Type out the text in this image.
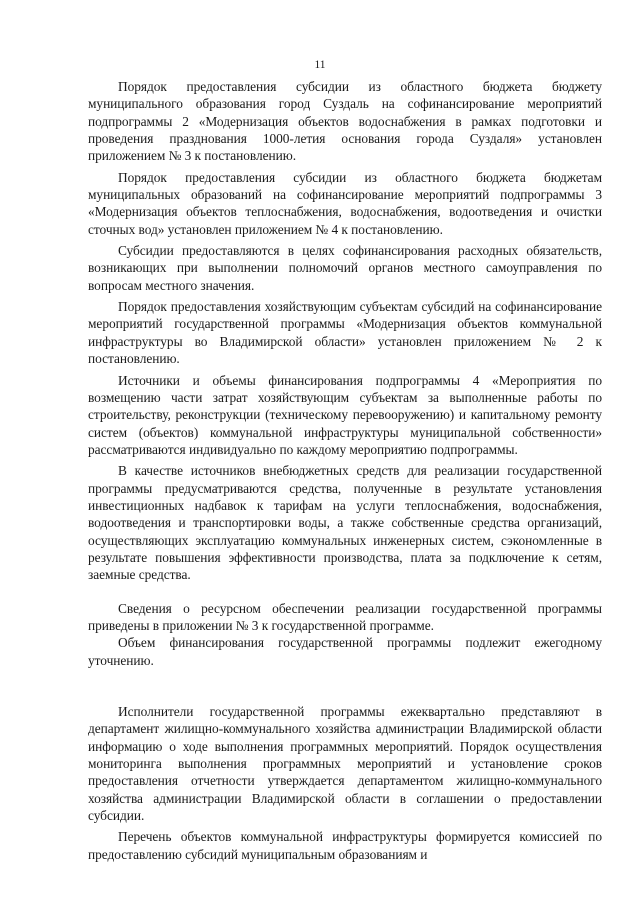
11

Порядок предоставления субсидии из областного бюджета бюджету муниципального образования город Суздаль на софинансирование мероприятий подпрограммы 2 «Модернизация объектов водоснабжения в рамках подготовки и проведения празднования 1000-летия основания города Суздаля» установлен приложением № 3 к постановлению.

Порядок предоставления субсидии из областного бюджета бюджетам муниципальных образований на софинансирование мероприятий подпрограммы 3 «Модернизация объектов теплоснабжения, водоснабжения, водоотведения и очистки сточных вод» установлен приложением № 4 к постановлению.

Субсидии предоставляются в целях софинансирования расходных обязательств, возникающих при выполнении полномочий органов местного самоуправления по вопросам местного значения.

Порядок предоставления хозяйствующим субъектам субсидий на софинансирование мероприятий государственной программы «Модернизация объектов коммунальной инфраструктуры во Владимирской области» установлен приложением № 2 к постановлению.

Источники и объемы финансирования подпрограммы 4 «Мероприятия по возмещению части затрат хозяйствующим субъектам за выполненные работы по строительству, реконструкции (техническому перевооружению) и капитальному ремонту систем (объектов) коммунальной инфраструктуры муниципальной собственности» рассматриваются индивидуально по каждому мероприятию подпрограммы.

В качестве источников внебюджетных средств для реализации государственной программы предусматриваются средства, полученные в результате установления инвестиционных надбавок к тарифам на услуги теплоснабжения, водоснабжения, водоотведения и транспортировки воды, а также собственные средства организаций, осуществляющих эксплуатацию коммунальных инженерных систем, сэкономленные в результате повышения эффективности производства, плата за подключение к сетям, заемные средства.

Сведения о ресурсном обеспечении реализации государственной программы приведены в приложении № 3 к государственной программе.

Объем финансирования государственной программы подлежит ежегодному уточнению.

Исполнители государственной программы ежеквартально представляют в департамент жилищно-коммунального хозяйства администрации Владимирской области информацию о ходе выполнения программных мероприятий. Порядок осуществления мониторинга выполнения программных мероприятий и установление сроков предоставления отчетности утверждается департаментом жилищно-коммунального хозяйства администрации Владимирской области в соглашении о предоставлении субсидии.

Перечень объектов коммунальной инфраструктуры формируется комиссией по предоставлению субсидий муниципальным образованиям и
